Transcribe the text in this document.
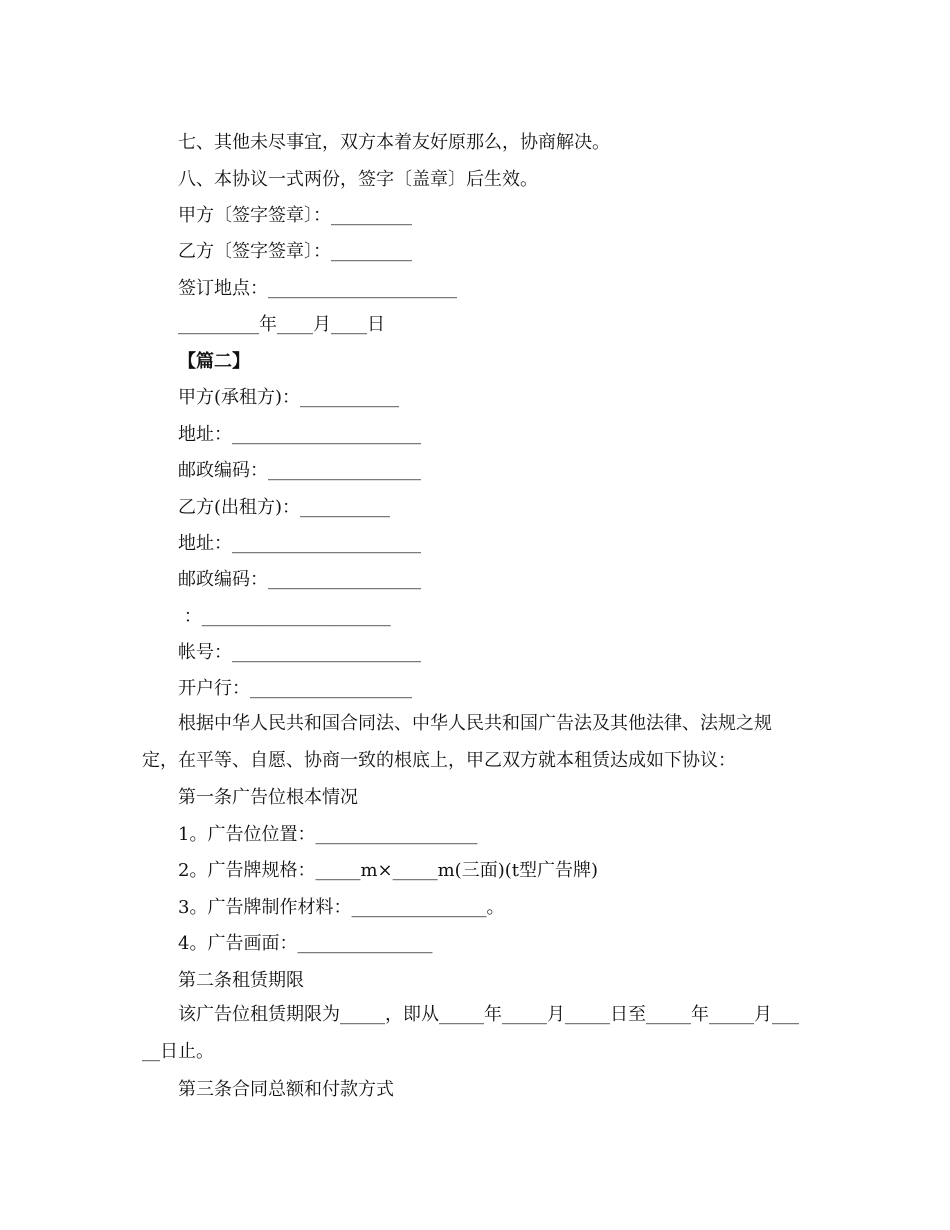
七、其他未尽事宜，双方本着友好原那么，协商解决。
八、本协议一式两份，签字〔盖章〕后生效。
甲方〔签字签章〕：_________
乙方〔签字签章〕：_________
签订地点：_____________________
_________年____月____日
【篇二】
甲方(承租方)：___________
地址：_____________________
邮政编码：_________________
乙方(出租方)：__________
地址：_____________________
邮政编码：_________________
：_____________________
帐号：_____________________
开户行：__________________
根据中华人民共和国合同法、中华人民共和国广告法及其他法律、法规之规定，在平等、自愿、协商一致的根底上，甲乙双方就本租赁达成如下协议：
第一条广告位根本情况
1。广告位位置：__________________
2。广告牌规格：_____m×_____m(三面)(t型广告牌)
3。广告牌制作材料：_______________。
4。广告画面：_______________
第二条租赁期限
该广告位租赁期限为_____，即从_____年_____月_____日至_____年_____月_____日止。
第三条合同总额和付款方式
